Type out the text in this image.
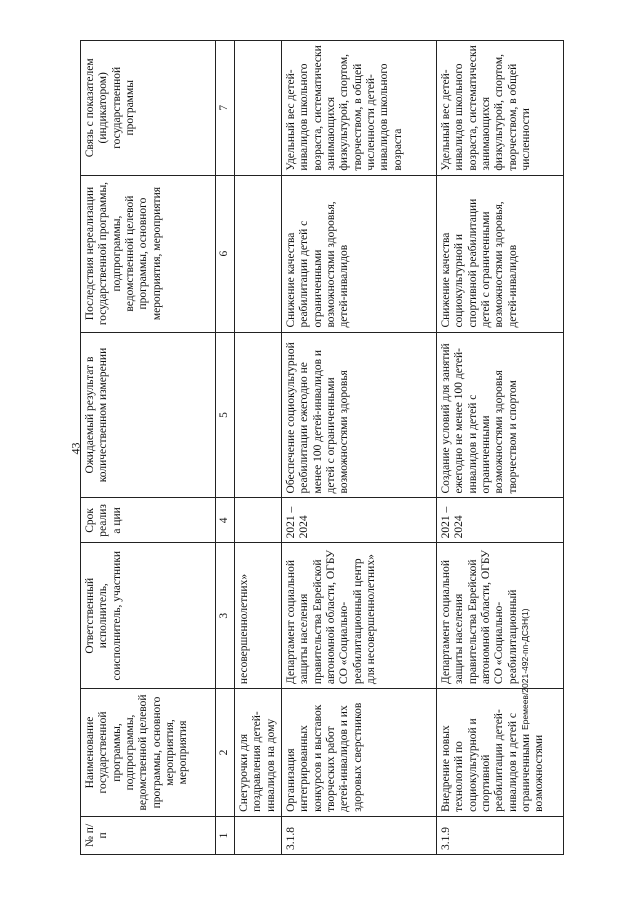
43
Еремеев/2021-492-пп-ДСЗН(1)
№ п/п	Наименование государственной программы, подпрограммы, ведомственной целевой программы, основного мероприятия, мероприятия	Ответственный исполнитель, соисполнитель, участники	Срок реализа ции	Ожидаемый результат в количественном измерении	Последствия нереализации государственной программы, подпрограммы, ведомственной целевой программы, основного мероприятия, мероприятия	Связь с показателем (индикатором) государственной программы
1	2	3	4	5	6	7
	Снегурочки для поздравления детей-инвалидов на дому	несовершеннолетних»				
3.1.8	Организация интегрированных конкурсов и выставок творческих работ детей-инвалидов и их здоровых сверстников	Департамент социальной защиты населения правительства Еврейской автономной области, ОГБУ СО «Социально-реабилитационный центр для несовершеннолетних»	2021 – 2024	Обеспечение социокультурной реабилитации ежегодно не менее 100 детей-инвалидов и детей с ограниченными возможностями здоровья	Снижение качества реабилитации детей с ограниченными возможностями здоровья, детей-инвалидов	Удельный вес детей-инвалидов школьного возраста, систематически занимающихся физкультурой, спортом, творчеством, в общей численности детей-инвалидов школьного возраста
3.1.9	Внедрение новых технологий по социокультурной и спортивной реабилитации детей-инвалидов и детей с ограниченными возможностями	Департамент социальной защиты населения правительства Еврейской автономной области, ОГБУ СО «Социально-реабилитационный	2021 – 2024	Создание условий для занятий ежегодно не менее 100 детей-инвалидов и детей с ограниченными возможностями здоровья творчеством и спортом	Снижение качества социокультурной и спортивной реабилитации детей с ограниченными возможностями здоровья, детей-инвалидов	Удельный вес детей-инвалидов школьного возраста, систематически занимающихся физкультурой, спортом, творчеством, в общей численности
